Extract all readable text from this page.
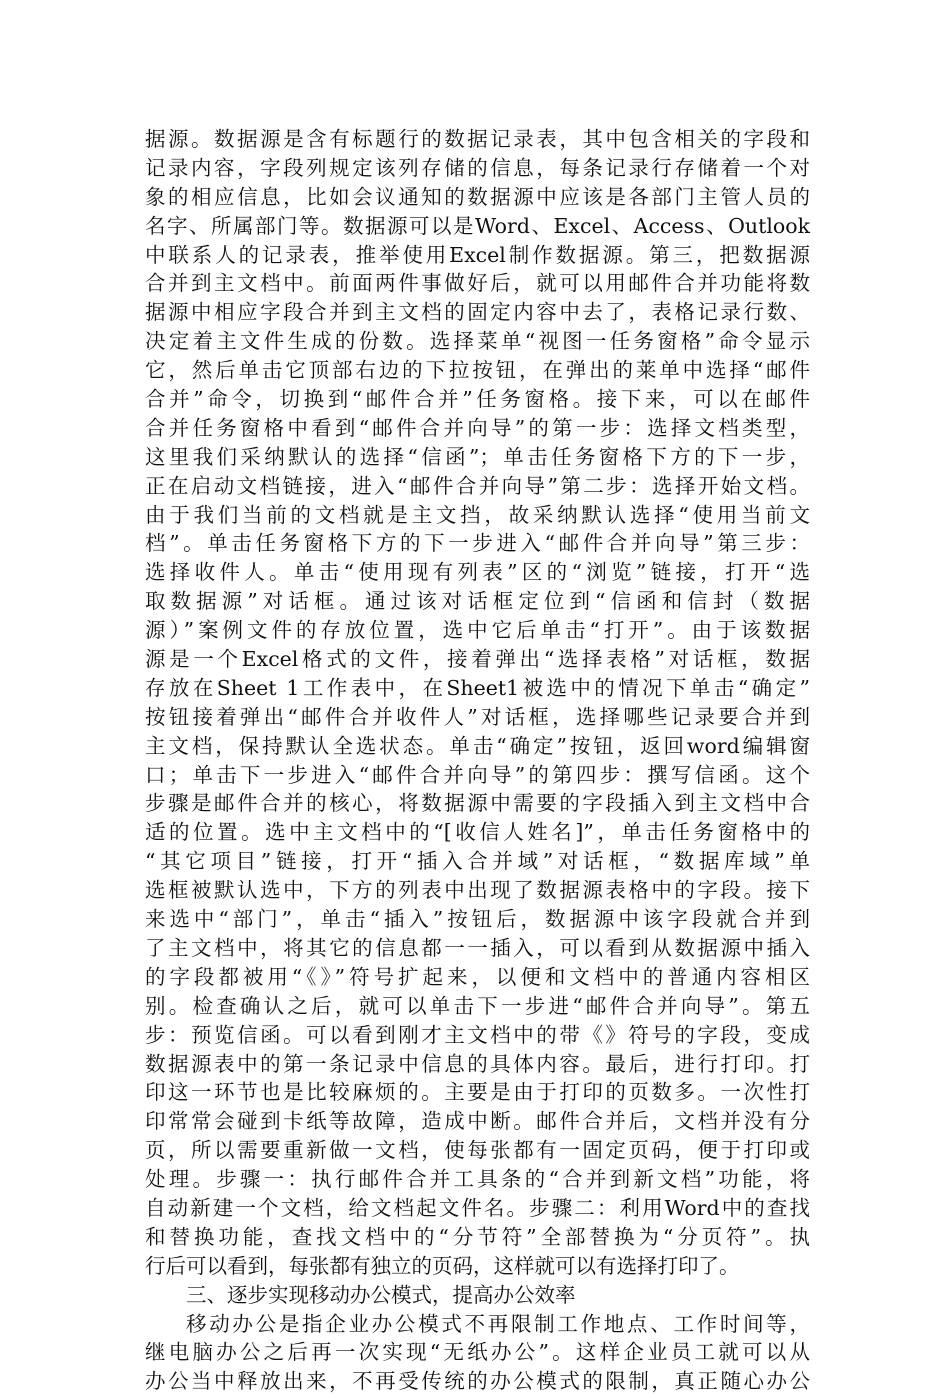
据源。数据源是含有标题行的数据记录表，其中包含相关的字段和
记录内容，字段列规定该列存储的信息，每条记录行存储着一个对
象的相应信息，比如会议通知的数据源中应该是各部门主管人员的
名字、所属部门等。数据源可以是Word、Excel、Access、Outlook
中联系人的记录表，推举使用Excel制作数据源。第三，把数据源
合并到主文档中。前面两件事做好后，就可以用邮件合并功能将数
据源中相应字段合并到主文档的固定内容中去了，表格记录行数、
决定着主文件生成的份数。选择菜单“视图一任务窗格”命令显示
它，然后单击它顶部右边的下拉按钮，在弹出的莱单中选择“邮件
合并”命令，切换到“邮件合并”任务窗格。接下来，可以在邮件
合并任务窗格中看到“邮件合并向导”的第一步：选择文档类型，
这里我们采纳默认的选择“信函”；单击任务窗格下方的下一步，
正在启动文档链接，进入“邮件合并向导”第二步：选择开始文档。
由于我们当前的文档就是主文挡，故采纳默认选择“使用当前文
档”。单击任务窗格下方的下一步进入“邮件合并向导”第三步：
选择收件人。单击“使用现有列表”区的“浏览”链接，打开“选
取数据源”对话框。通过该对话框定位到“信函和信封（数据
源）”案例文件的存放位置，选中它后单击“打开”。由于该数据
源是一个Excel格式的文件，接着弹出“选择表格”对话框，数据
存放在Sheet 1工作表中，在Sheet1被选中的情况下单击“确定”
按钮接着弹出“邮件合并收件人”对话框，选择哪些记录要合并到
主文档，保持默认全选状态。单击“确定”按钮，返回word编辑窗
口；单击下一步进入“邮件合并向导”的第四步：撰写信函。这个
步骤是邮件合并的核心，将数据源中需要的字段插入到主文档中合
适的位置。选中主文档中的“[收信人姓名]”，单击任务窗格中的
“其它项目”链接，打开“插入合并域”对话框，“数据库域”单
选框被默认选中，下方的列表中出现了数据源表格中的字段。接下
来选中“部门”，单击“插入”按钮后，数据源中该字段就合并到
了主文档中，将其它的信息都一一插入，可以看到从数据源中插入
的字段都被用“《》”符号扩起来，以便和文档中的普通内容相区
别。检查确认之后，就可以单击下一步进“邮件合并向导”。第五
步：预览信函。可以看到刚才主文档中的带《》符号的字段，变成
数据源表中的第一条记录中信息的具体内容。最后，进行打印。打
印这一环节也是比较麻烦的。主要是由于打印的页数多。一次性打
印常常会碰到卡纸等故障，造成中断。邮件合并后，文档并没有分
页，所以需要重新做一文档，使每张都有一固定页码，便于打印或
处理。步骤一：执行邮件合并工具条的“合并到新文档”功能，将
自动新建一个文档，给文档起文件名。步骤二：利用Word中的查找
和替换功能，查找文档中的“分节符”全部替换为“分页符”。执
行后可以看到，每张都有独立的页码，这样就可以有选择打印了。
三、逐步实现移动办公模式，提高办公效率
移动办公是指企业办公模式不再限制工作地点、工作时间等，
继电脑办公之后再一次实现“无纸办公”。这样企业员工就可以从
办公当中释放出来，不再受传统的办公模式的限制，真正随心办公
